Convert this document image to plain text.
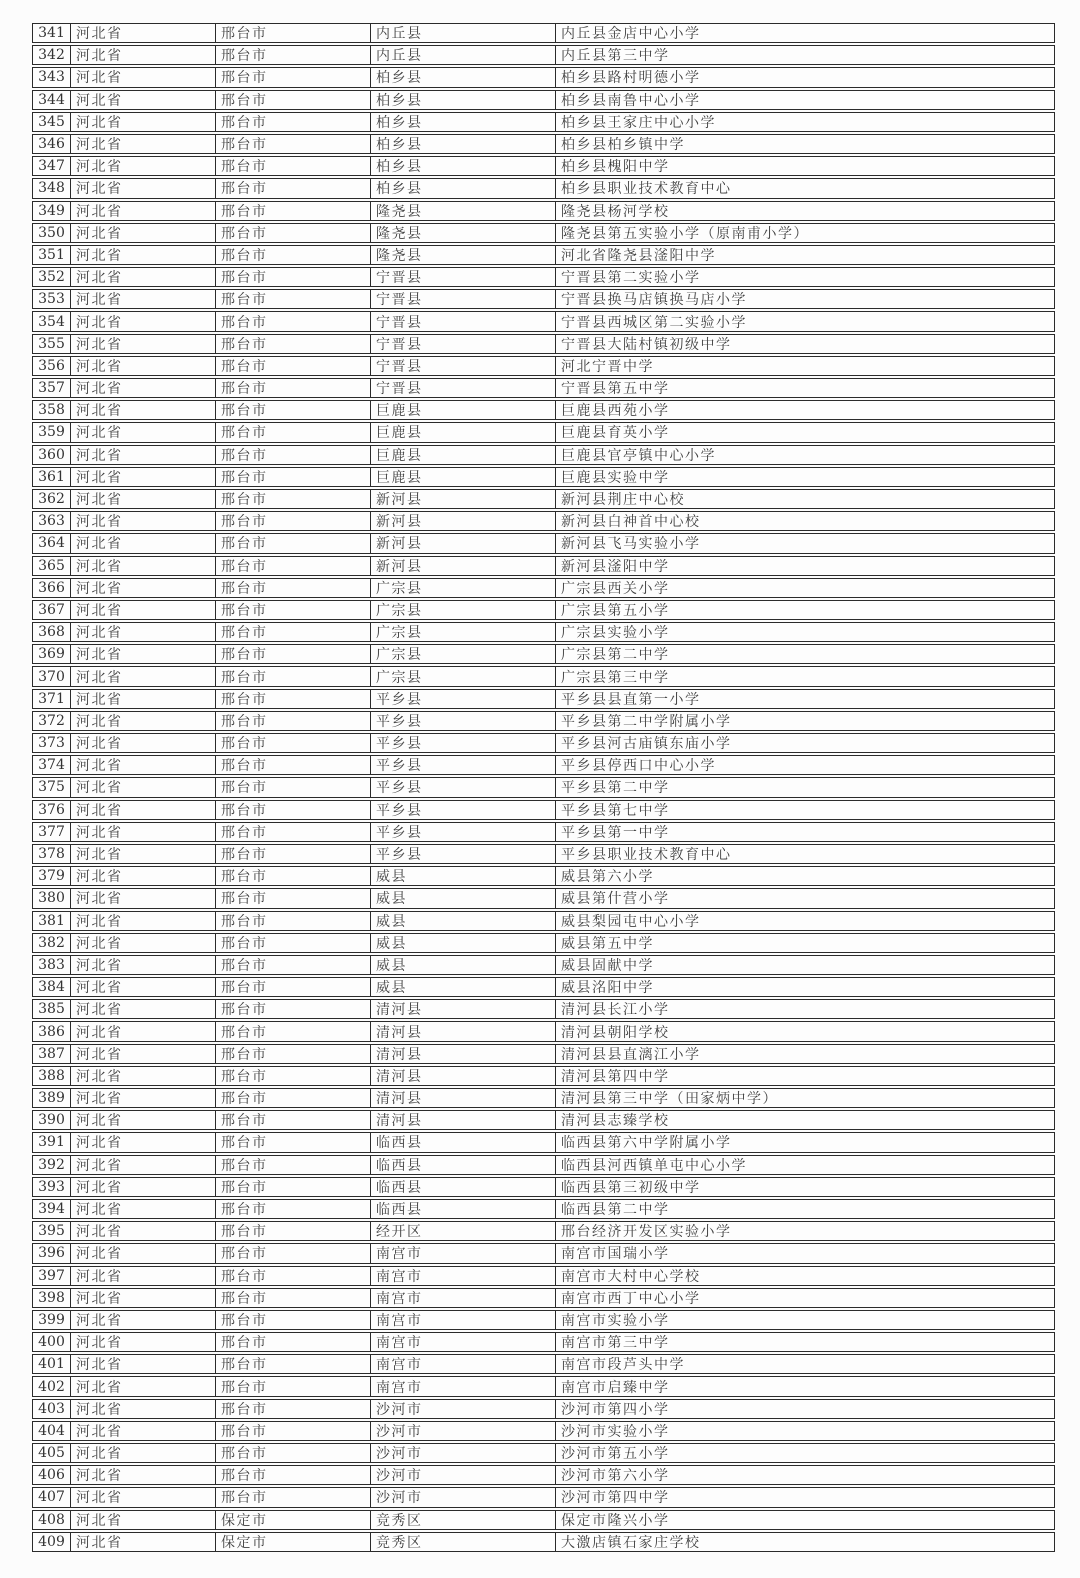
341 河北省	邢台市	内丘县	内丘县金店中心小学
342 河北省	邢台市	内丘县	内丘县第三中学
343 河北省	邢台市	柏乡县	柏乡县路村明德小学
344 河北省	邢台市	柏乡县	柏乡县南鲁中心小学
345 河北省	邢台市	柏乡县	柏乡县王家庄中心小学
346 河北省	邢台市	柏乡县	柏乡县柏乡镇中学
347 河北省	邢台市	柏乡县	柏乡县槐阳中学
348 河北省	邢台市	柏乡县	柏乡县职业技术教育中心
349 河北省	邢台市	隆尧县	隆尧县杨河学校
350 河北省	邢台市	隆尧县	隆尧县第五实验小学（原南甫小学）
351 河北省	邢台市	隆尧县	河北省隆尧县滏阳中学
352 河北省	邢台市	宁晋县	宁晋县第二实验小学
353 河北省	邢台市	宁晋县	宁晋县换马店镇换马店小学
354 河北省	邢台市	宁晋县	宁晋县西城区第二实验小学
355 河北省	邢台市	宁晋县	宁晋县大陆村镇初级中学
356 河北省	邢台市	宁晋县	河北宁晋中学
357 河北省	邢台市	宁晋县	宁晋县第五中学
358 河北省	邢台市	巨鹿县	巨鹿县西苑小学
359 河北省	邢台市	巨鹿县	巨鹿县育英小学
360 河北省	邢台市	巨鹿县	巨鹿县官亭镇中心小学
361 河北省	邢台市	巨鹿县	巨鹿县实验中学
362 河北省	邢台市	新河县	新河县荆庄中心校
363 河北省	邢台市	新河县	新河县白神首中心校
364 河北省	邢台市	新河县	新河县飞马实验小学
365 河北省	邢台市	新河县	新河县滏阳中学
366 河北省	邢台市	广宗县	广宗县西关小学
367 河北省	邢台市	广宗县	广宗县第五小学
368 河北省	邢台市	广宗县	广宗县实验小学
369 河北省	邢台市	广宗县	广宗县第二中学
370 河北省	邢台市	广宗县	广宗县第三中学
371 河北省	邢台市	平乡县	平乡县县直第一小学
372 河北省	邢台市	平乡县	平乡县第二中学附属小学
373 河北省	邢台市	平乡县	平乡县河古庙镇东庙小学
374 河北省	邢台市	平乡县	平乡县停西口中心小学
375 河北省	邢台市	平乡县	平乡县第二中学
376 河北省	邢台市	平乡县	平乡县第七中学
377 河北省	邢台市	平乡县	平乡县第一中学
378 河北省	邢台市	平乡县	平乡县职业技术教育中心
379 河北省	邢台市	威县	威县第六小学
380 河北省	邢台市	威县	威县第什营小学
381 河北省	邢台市	威县	威县梨园屯中心小学
382 河北省	邢台市	威县	威县第五中学
383 河北省	邢台市	威县	威县固献中学
384 河北省	邢台市	威县	威县洺阳中学
385 河北省	邢台市	清河县	清河县长江小学
386 河北省	邢台市	清河县	清河县朝阳学校
387 河北省	邢台市	清河县	清河县县直漓江小学
388 河北省	邢台市	清河县	清河县第四中学
389 河北省	邢台市	清河县	清河县第三中学（田家炳中学）
390 河北省	邢台市	清河县	清河县志臻学校
391 河北省	邢台市	临西县	临西县第六中学附属小学
392 河北省	邢台市	临西县	临西县河西镇单屯中心小学
393 河北省	邢台市	临西县	临西县第三初级中学
394 河北省	邢台市	临西县	临西县第二中学
395 河北省	邢台市	经开区	邢台经济开发区实验小学
396 河北省	邢台市	南宫市	南宫市国瑞小学
397 河北省	邢台市	南宫市	南宫市大村中心学校
398 河北省	邢台市	南宫市	南宫市西丁中心小学
399 河北省	邢台市	南宫市	南宫市实验小学
400 河北省	邢台市	南宫市	南宫市第三中学
401 河北省	邢台市	南宫市	南宫市段芦头中学
402 河北省	邢台市	南宫市	南宫市启臻中学
403 河北省	邢台市	沙河市	沙河市第四小学
404 河北省	邢台市	沙河市	沙河市实验小学
405 河北省	邢台市	沙河市	沙河市第五小学
406 河北省	邢台市	沙河市	沙河市第六小学
407 河北省	邢台市	沙河市	沙河市第四中学
408 河北省	保定市	竞秀区	保定市隆兴小学
409 河北省	保定市	竞秀区	大激店镇石家庄学校
